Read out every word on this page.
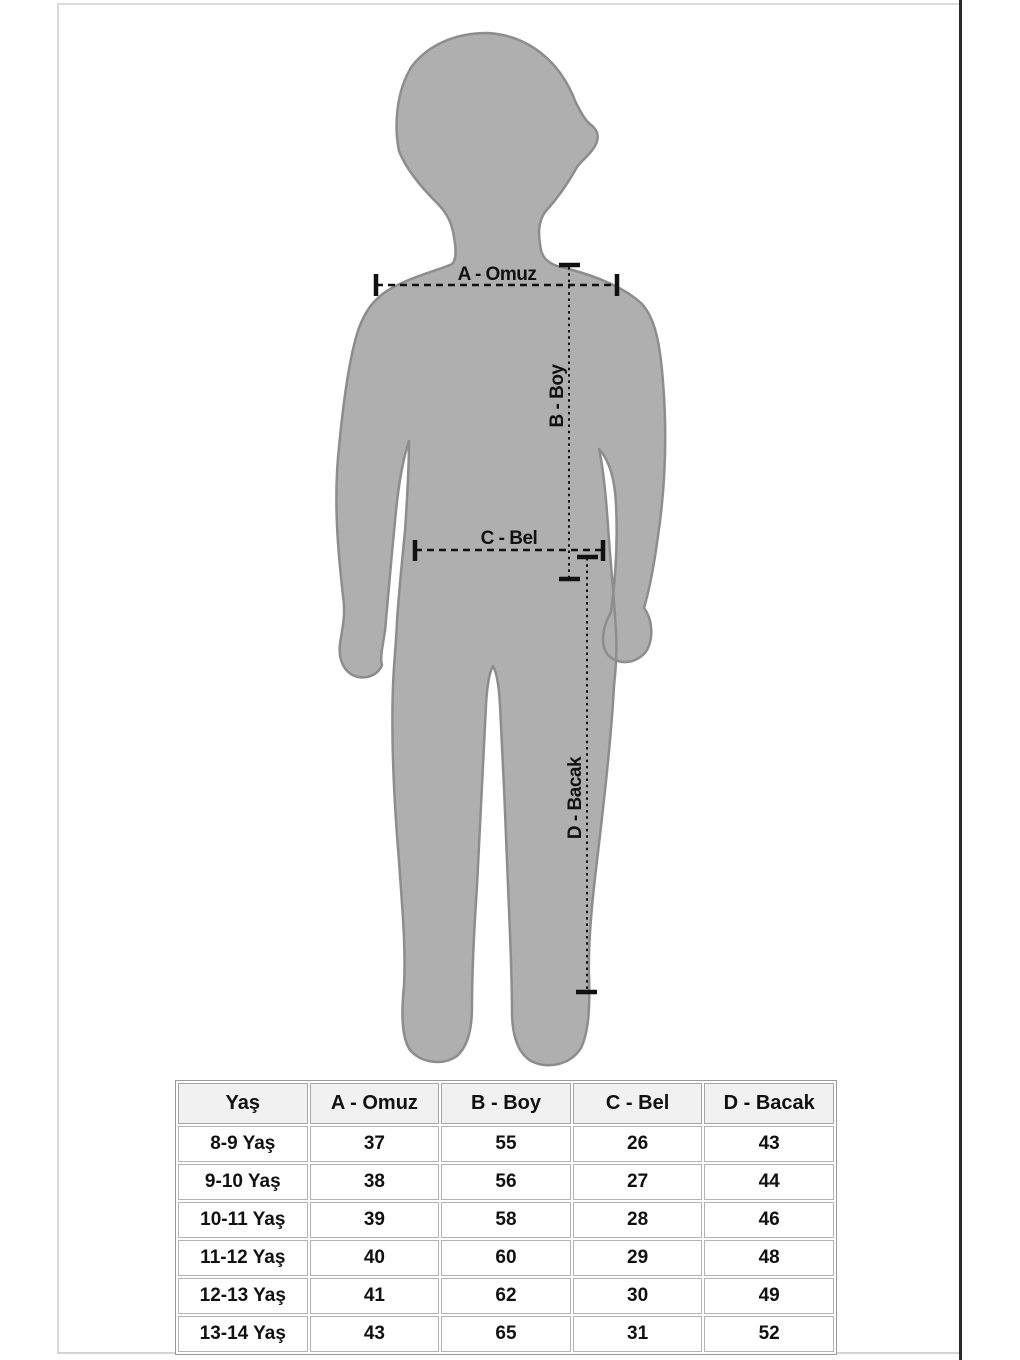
A - Omuz
B - Boy
C - Bel
D - Bacak
Yaş	A - Omuz	B - Boy	C - Bel	D - Bacak
8-9 Yaş	37	55	26	43
9-10 Yaş	38	56	27	44
10-11 Yaş	39	58	28	46
11-12 Yaş	40	60	29	48
12-13 Yaş	41	62	30	49
13-14 Yaş	43	65	31	52
